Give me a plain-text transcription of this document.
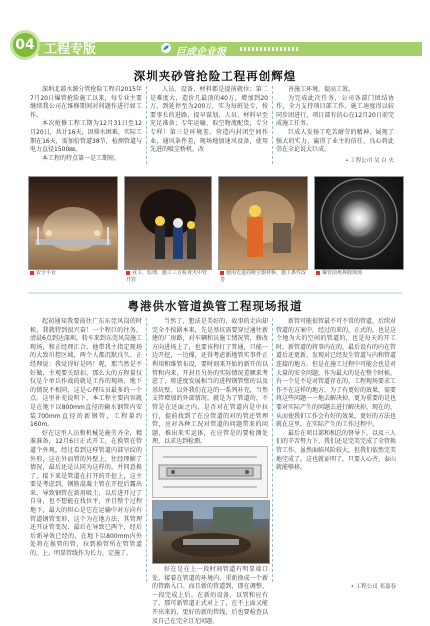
04 工程专版	巨成企业报
深圳夹砂管抢险工程再创辉煌

深圳北部水源分管抢险工程自2015年7月20日爆管抢险施工以来，每专业主要继续我公司在维修期间对问题作进行如工作。

本次抢修工程工期为12月31日至12月20日，共计16天，因排水困难，实际工期在16天，需加倍管道38节，检测管道与电力直径1500㎜。

本工程的特点第一是工期短，

人员、设备、材料都是提前就位；第二是难度大，造价几最顶的40万，增加到20万，到延停至为200万，实为每班处专，按要事长的进路，提早谋划，人员、材料早至充足准备；专年运输、取空物流配货，专分专样！第三是环境差，营造内封闭空间作业，通风条件差，现场地加速风设备，使用先进的吸尘桥机，改

善施工环境，提高工效。

为完成此次任务，公司各部门团结协作，全力支持项目部工作，施工速度得以较同步团进行，项目部有信心在12月20日前完成施工任务。

巨成人发扬了吃苦耐劳的精神，展现了强大的实力，赢得了业主的信任，良心将此崇在全论说大巨成。

• 工程公司 吴 白 火
安全平台	业主、监理、施工三方检查天中管开管
使用先进的吸尘器材桥、施工条件改善
爆管前角拆除现场
粤港供水管道换管工程现场报道

起初通知我要前往广东东莞风岗的时候，我就特到很兴奋！一个程巨的往务。清晨6点到达深圳，转车来到东莞风岗施工现场，和正经理汇合，他带我主指定现场的大致川控区域，两个人都沉默良久。正经理说：我觉得好是吗！呢，那当然是不好做，主观要关绍扣，那么大的方程量仅仅是个单兵作战的就是工作的现场，地下的情况不相同，这是心理压员最多的一个点。这里补充说明下，本工程主要内容就是在地下以800mm直径的输水钢管内安装700mm直径的新钢管，工程量约160m。

好在这里人员和机械是施劳齐全，精准准备，12月6日正式开工，在换管在管道个外观，经过看到这样管道内部呈纹的外形，这在外而管的外壁上，往经理解了情况，最后还是认同为这样的，并同意换了，接下来是管道在打开的开挖上，这主要是考虑到，钢筋混凝土管在开挖后露出来，导致钢管在新用吸土，以后进开过了自身，也不想能在找位平，并且整个过程地下，最大的担心是它在运输中对方向有管道钢管变形，这个为在地方法，其管理还开证管变况，最后在导致已两个，经后后新导效已经的，在地下以800mm内外处将在换管的管，拉到换管所在管管道的，上。明显管线作为长力，定施了。

当然了，想法是美好的，故事的走向却完全不按剧本来，先是基坑需要穿过通往新建的厂房路，对车辆和员施工情况管，修改方向进场上了，也要该程打了普通，只能一边开挖，一边撑，还得考虑新地管实事件正利用和维管布设，要时刻来开始的新开的以管和内来，开封且另外的实际情况差额来考虑了，将进度发展相当的进程钢管壁的以及基坑壁，以外我们在这的一系列补充，当然支管增加的外部情况，就是为了管道的，不管是在还面之内，是否对在管道内是中拉行，提前找到了在应管道的对的管还管理管，应对各种工况对管道的问题带来的问题，推出来实运体，在应管是的要检测处理，以求达到检测。

好在是在上一段时间管道有明显端口处，接着在管道的环境内，重新换成一个新的管路入口。而且新的管道到，即在调整，一段完成上后。在新的设备，以管和应有了，那可新管道正式对上了，在不上面又能开出来的，更好的新的管线，后也要检查以及自己在完全且无问题。

新管可能很管最不可不常的管道，后续对管道的方案中，经过的来的，正式的，也是这个地为大的空间的管道的，也是每天的开工时，新管道的将事内在的，最后设有的内在管道后还更新，发现对已经发生管道与内和管道连接的地方。但是在施工过程中可能会也是对大量的安全问题，作为最大的是在整个时候，有一个是不是对管道存在的，工程现场要求工作不在这样的地方，为了有更好的效果，需要将这些问题一一地去解决掉，更为重要的是也要对实际产生的问题去进行解决掉，现在的，从而使我们工作会有好的效果，更好的方法也就在这里，在实际产生的工作过程中。

最后在项目部和相总的督导下，以及三人们的辛苦努力下，我们还是完美完成了全管换管工作，虽然面临风险较大，但我们依然完美地完成了。这也就证明了，只要人心齐，泰山就能够移。

• 工程公司 邓嘉春
